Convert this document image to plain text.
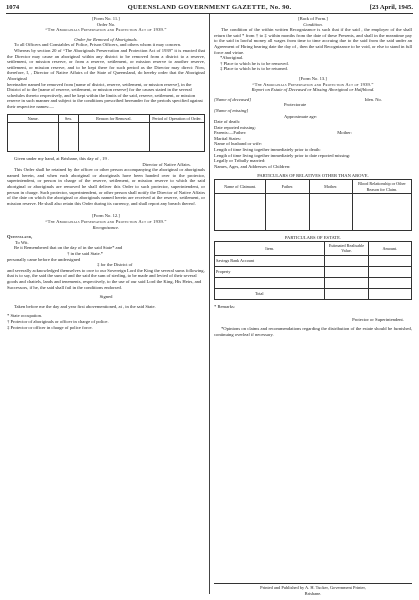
1074	QUEENSLAND GOVERNMENT GAZETTE, No. 90.	[23 April, 1945.
[Form No. 11.]
Order No.
“The Aboriginals Preservation and Protection Act of 1939.”
Order for Removal of Aboriginals.

To all Officers and Constables of Police, Prison Officers, and others whom it may concern.

Whereas by section 20 of “The Aboriginals Preservation and Protection Act of 1939” it is enacted that the Director may cause an aboriginal within any district to be removed from a district to a reserve, settlement, or mission reserve, or from a reserve, settlement, or mission reserve to another reserve, settlement, or mission reserve, and to be kept there for such period as the Director may direct: Now, therefore, I, , Director of Native Affairs of the State of Queensland, do hereby order that the Aboriginal Aboriginal

hereinafter named be removed from [name of district, reserve, settlement, or mission reserve], in the District of to the [name of reserve, settlement, or mission reserve] for the causes stated in the several schedules thereto respectively, and be kept within the limits of the said, reserve, settlement, or mission reserve in such manner and subject to the conditions prescribed hereunder for the periods specified against their respective names:—

Name.	Sex.	Reason for Removal.	Period of Operation of Order.

Given under my hand, at Brisbane, this day of , 19 .

Director of Native Affairs.

This Order shall be retained by the officer or other person accompanying the aboriginal or aboriginals named herein, and when each aboriginal or aboriginals have been handed over to the protector, superintendent, or person in charge of the reserve, settlement, or mission reserve to which the said aboriginal or aboriginals are removed he shall deliver this Order to such protector, superintendent, or person in charge. Such protector, superintendent, or other person shall notify the Director of Native Affairs of the date on which the aboriginal or aboriginals named herein are received at the reserve, settlement, or mission reserve. He shall also retain this Order during its currency, and shall report any breach thereof.

[Form No. 12.]
“The Aboriginals Preservation and Protection Act of 1939.”
Recognizance.
Queensland,
To Wit.

Be it Remembered that on the day of in the said State* and

† in the said State.*

personally came before the undersigned

‡ for the District of

and severally acknowledged themselves to owe to our Sovereign Lord the King the several sums following, that is to say, the said the sum of and the said the sum of sterling, to be made and levied of their several goods and chattels, lands and tenements, respectively, to the use of our said Lord the King, His Heirs, and Successors, if he, the said shall fail in the conditions endorsed.

Signed

Taken before me the day and year first abovementioned, at , in the said State.

* State occupation.
† Protector of aboriginals or officer in charge of police.
‡ Protector or officer in charge of police force.
[Back of Form.]
Condition.

The condition of the within written Recognizance is such that if the said , the employer of the shall return the said * from † to ‡ within months from the date of these Presents, and shall in the meantime pay to the said in lawful money all wages from time to time accruing due to the said from the said under an Agreement of Hiring bearing date the day of , then the said Recognizance to be void, or else to stand in full force and virtue.

*Aboriginal.
† Place to which he is to be removed.
‡ Place to which he is to be returned.
[Form No. 13.]
“The Aboriginals Preservation and Protection Act of 1939.”
Report on Estate of Deceased or Missing Aboriginal or Halfblood.
[Name of deceased]	Iden. No.
Protectorate
[Name of missing]
Approximate age:
Date of death:
Date reported missing:
Parents:—Father:	Mother:
Marital States:
Name of husband or wife:
Length of time living together immediately prior to death:
Length of time living together immediately prior to date reported missing:
Legally or Tribally married:
Names, Ages, and Addresses of Children:
PARTICULARS OF RELATIVES OTHER THAN ABOVE.
Name of Claimant.	Father.	Mother.	Blood Relationship or Other Reason for Claim.

PARTICULARS OF ESTATE.
Item.	Estimated Realisable Value.	Amount.
Savings Bank Account		
Property		

Total		
* Remarks:
Protector or Superintendent.

*Opinions on claims and recommendations regarding the distribution of the estate should be furnished, continuing overleaf if necessary.

Printed and Published by A. H. Tucker, Government Printer,
Brisbane.
